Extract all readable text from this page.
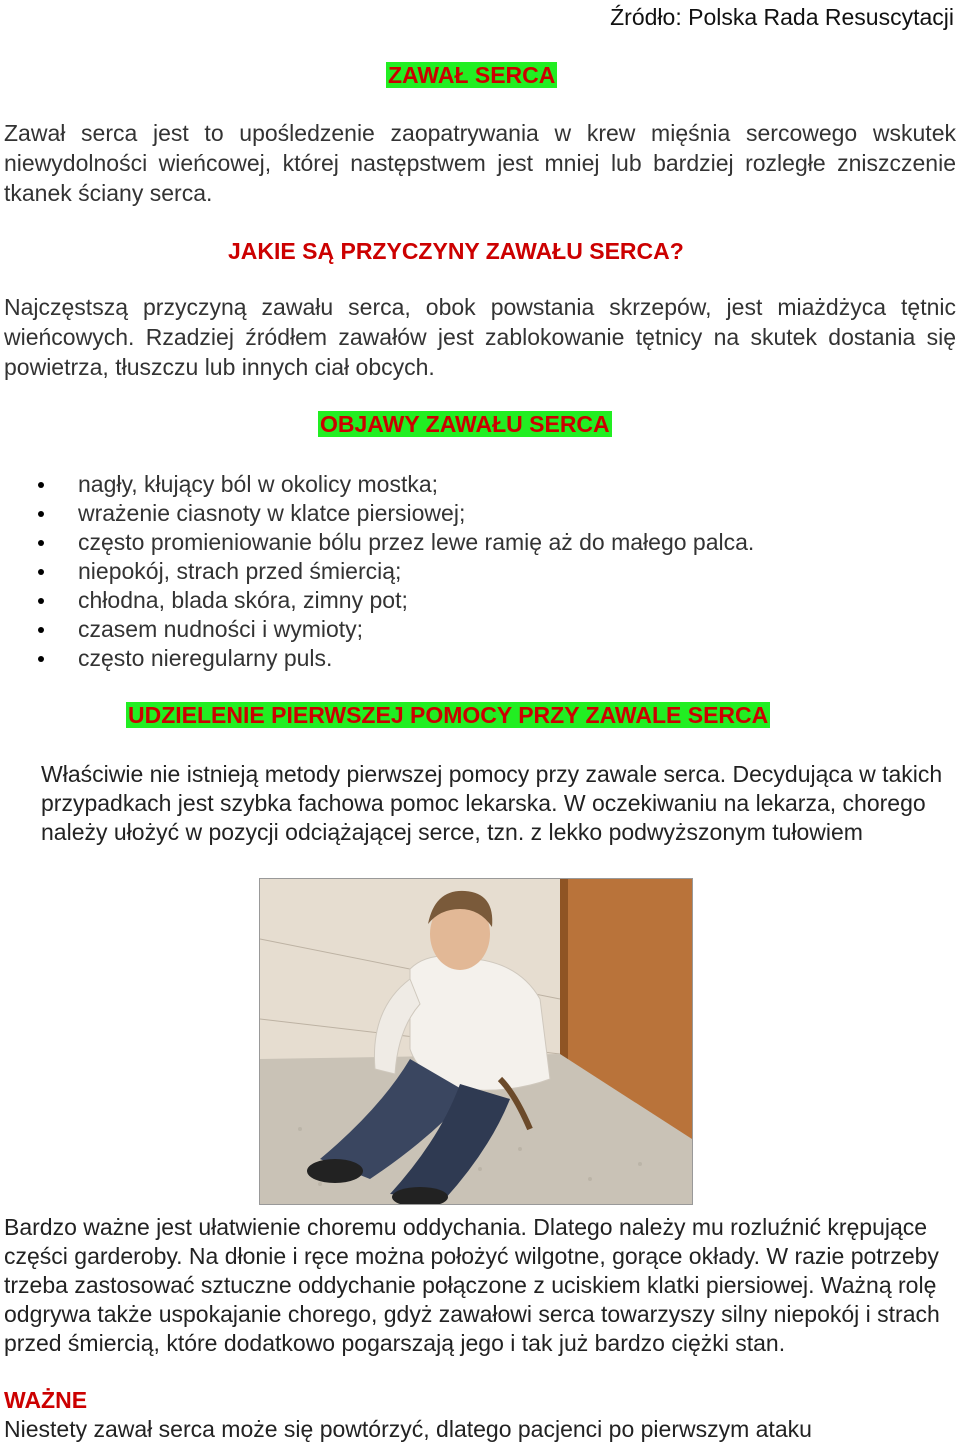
Źródło: Polska Rada Resuscytacji
ZAWAŁ SERCA
Zawał serca jest to upośledzenie zaopatrywania w krew mięśnia sercowego wskutek niewydolności wieńcowej, której następstwem jest mniej lub bardziej rozległe zniszczenie tkanek ściany serca.
JAKIE SĄ PRZYCZYNY ZAWAŁU SERCA?
Najczęstszą przyczyną zawału serca, obok powstania skrzepów, jest miażdżyca tętnic wieńcowych. Rzadziej źródłem zawałów jest zablokowanie tętnicy na skutek dostania się powietrza, tłuszczu lub innych ciał obcych.
OBJAWY ZAWAŁU SERCA
nagły, kłujący ból w okolicy mostka;
wrażenie ciasnoty w klatce piersiowej;
często promieniowanie bólu przez lewe ramię aż do małego palca.
niepokój, strach przed śmiercią;
chłodna, blada skóra, zimny pot;
czasem nudności i wymioty;
często nieregularny puls.
UDZIELENIE PIERWSZEJ POMOCY PRZY ZAWALE SERCA
Właściwie nie istnieją metody pierwszej pomocy przy zawale serca. Decydująca w takich przypadkach jest szybka fachowa pomoc lekarska. W oczekiwaniu na lekarza, chorego należy ułożyć w pozycji odciążającej serce, tzn. z lekko podwyższonym tułowiem
Bardzo ważne jest ułatwienie choremu oddychania. Dlatego należy mu rozluźnić krępujące części garderoby. Na dłonie i ręce można położyć wilgotne, gorące okłady. W razie potrzeby trzeba zastosować sztuczne oddychanie połączone z uciskiem klatki piersiowej. Ważną rolę odgrywa także uspokajanie chorego, gdyż zawałowi serca towarzyszy silny niepokój i strach przed śmiercią, które dodatkowo pogarszają jego i tak już bardzo ciężki stan.
WAŻNE
Niestety zawał serca może się powtórzyć, dlatego pacjenci po pierwszym ataku
